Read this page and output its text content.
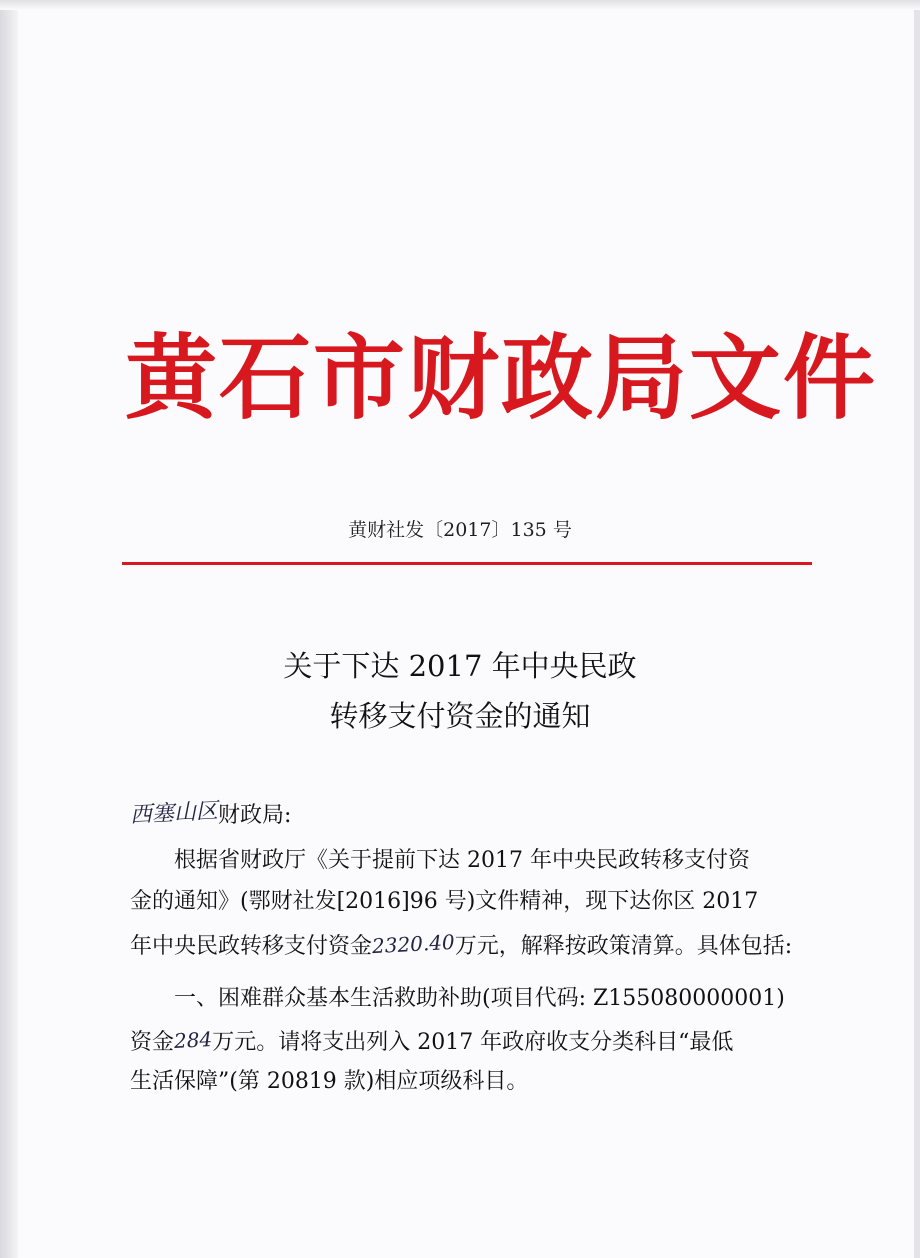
黄石市财政局文件
黄财社发〔2017〕135 号
关于下达 2017 年中央民政
转移支付资金的通知
西塞山区财政局:
根据省财政厅《关于提前下达 2017 年中央民政转移支付资
金的通知》(鄂财社发[2016]96 号)文件精神，现下达你区 2017
年中央民政转移支付资金2320.40万元，解释按政策清算。具体包括:
一、困难群众基本生活救助补助(项目代码: Z155080000001)
资金284万元。请将支出列入 2017 年政府收支分类科目“最低
生活保障”(第 20819 款)相应项级科目。
